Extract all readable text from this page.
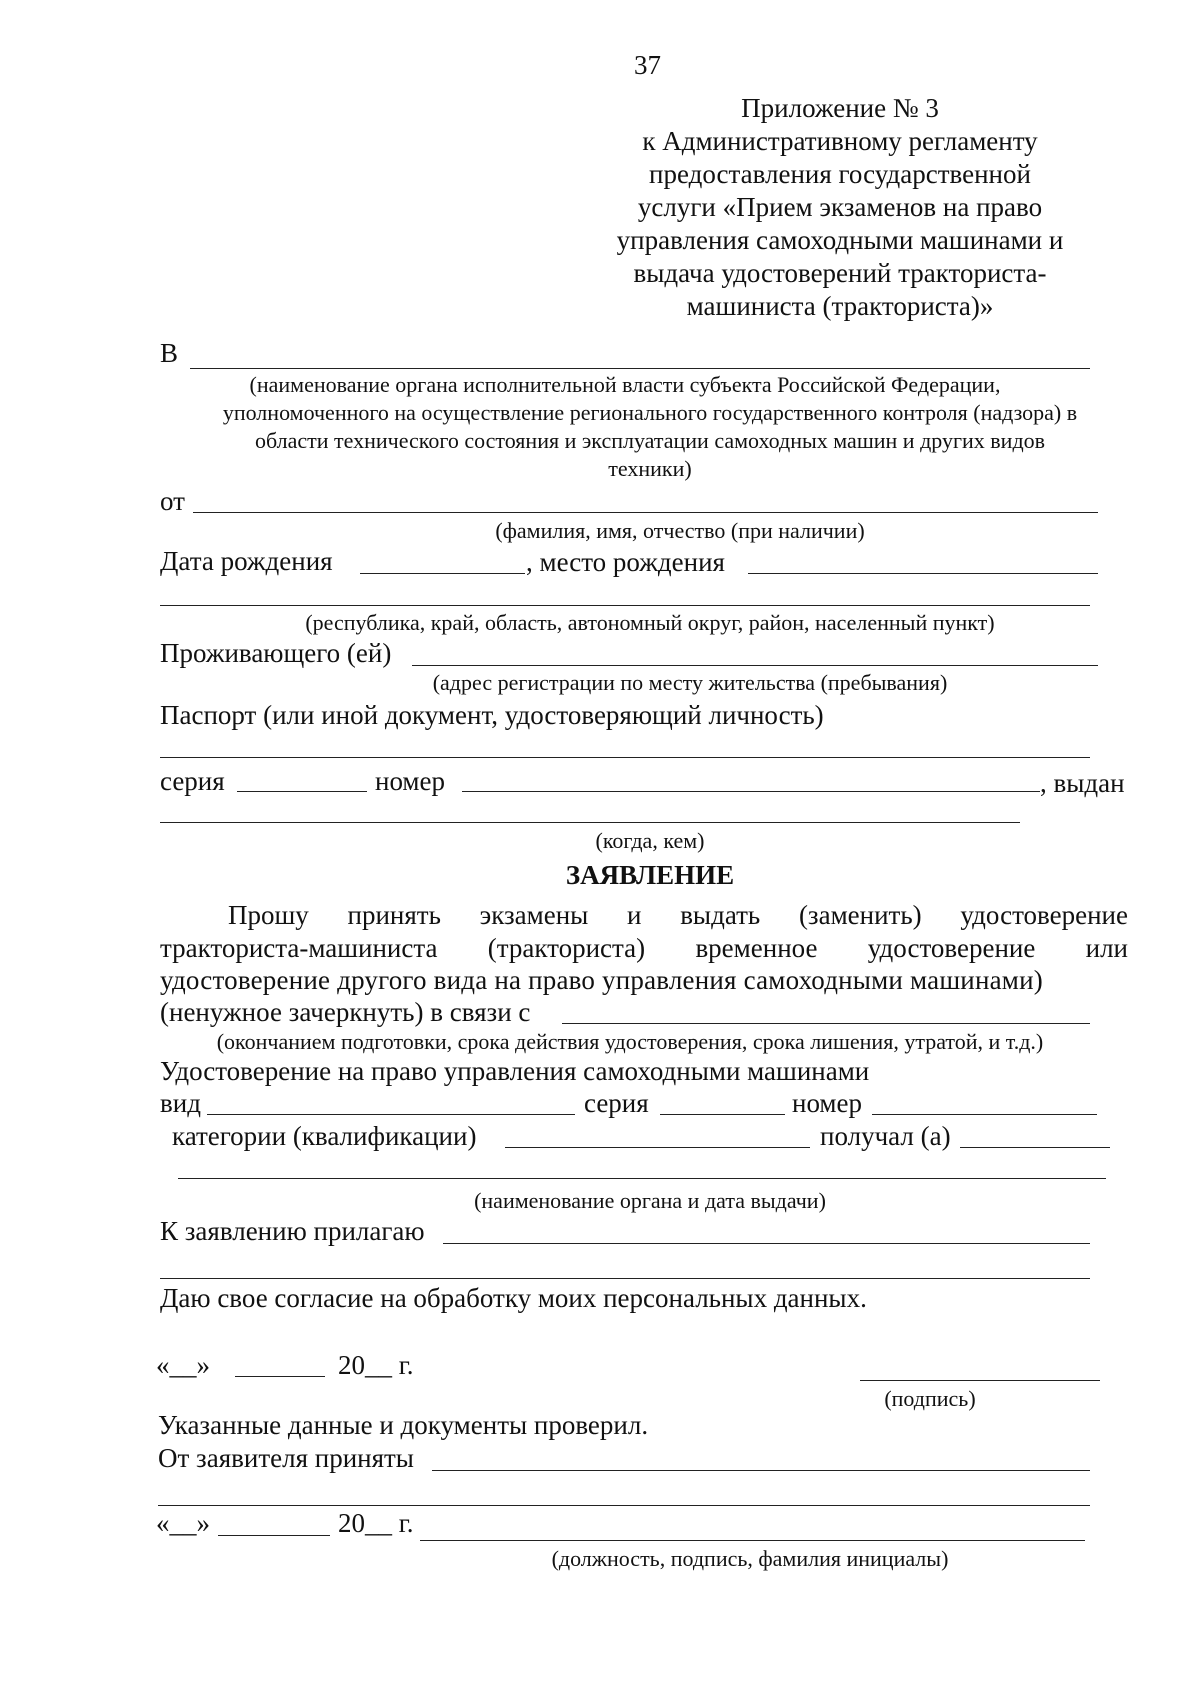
37
Приложение № 3
к Административному регламенту
предоставления государственной
услуги «Прием экзаменов на право
управления самоходными машинами и
выдача удостоверений тракториста-
машиниста (тракториста)»
В
(наименование органа исполнительной власти субъекта Российской Федерации,
уполномоченного на осуществление регионального государственного контроля (надзора) в
области технического состояния и эксплуатации самоходных машин и других видов
техники)
от
(фамилия, имя, отчество (при наличии)
Дата рождения	, место рождения
(республика, край, область, автономный округ, район, населенный пункт)
Проживающего (ей)
(адрес регистрации по месту жительства (пребывания)
Паспорт (или иной документ, удостоверяющий личность)
серия	номер	, выдан
(когда, кем)
ЗАЯВЛЕНИЕ
Прошу принять экзамены и выдать (заменить) удостоверение
тракториста-машиниста (тракториста) временное удостоверение или
удостоверение другого вида на право управления самоходными машинами)
(ненужное зачеркнуть) в связи с
(окончанием подготовки, срока действия удостоверения, срока лишения, утратой, и т.д.)
Удостоверение на право управления самоходными машинами
вид	серия	номер
категории (квалификации)	получал (а)
(наименование органа и дата выдачи)
К заявлению прилагаю
Даю свое согласие на обработку моих персональных данных.
«__»	20__ г.
(подпись)
Указанные данные и документы проверил.
От заявителя приняты
«__»	20__ г.
(должность, подпись, фамилия инициалы)
